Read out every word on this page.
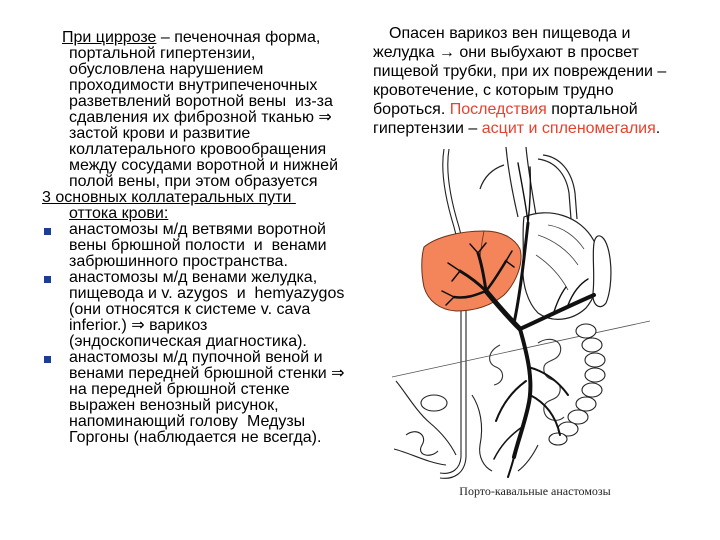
При циррозе – печеночная форма,
портальной гипертензии,
обусловлена нарушением
проходимости внутрипеченочных
разветвлений воротной вены  из-за
сдавления их фиброзной тканью ⇒
застой крови и развитие
коллатерального кровообращения
между сосудами воротной и нижней
полой вены, при этом образуется
3 основных коллатеральных пути
оттока крови:
анастомозы м/д ветвями воротной
вены брюшной полости  и  венами
забрюшинного пространства.
анастомозы м/д венами желудка,
пищевода и v. azygos  и  hemyazygos
(они относятся к системе v. cava
inferior.) ⇒ варикоз
(эндоскопическая диагностика).
анастомозы м/д пупочной веной и
венами передней брюшной стенки ⇒
на передней брюшной стенке
выражен венозный рисунок,
напоминающий голову  Медузы
Горгоны (наблюдается не всегда).
Опасен варикоз вен пищевода и
желудка → они выбухают в просвет
пищевой трубки, при их повреждении –
кровотечение, с которым трудно
бороться. Последствия портальной
гипертензии – асцит и спленомегалия.
Порто-кавальные анастомозы
